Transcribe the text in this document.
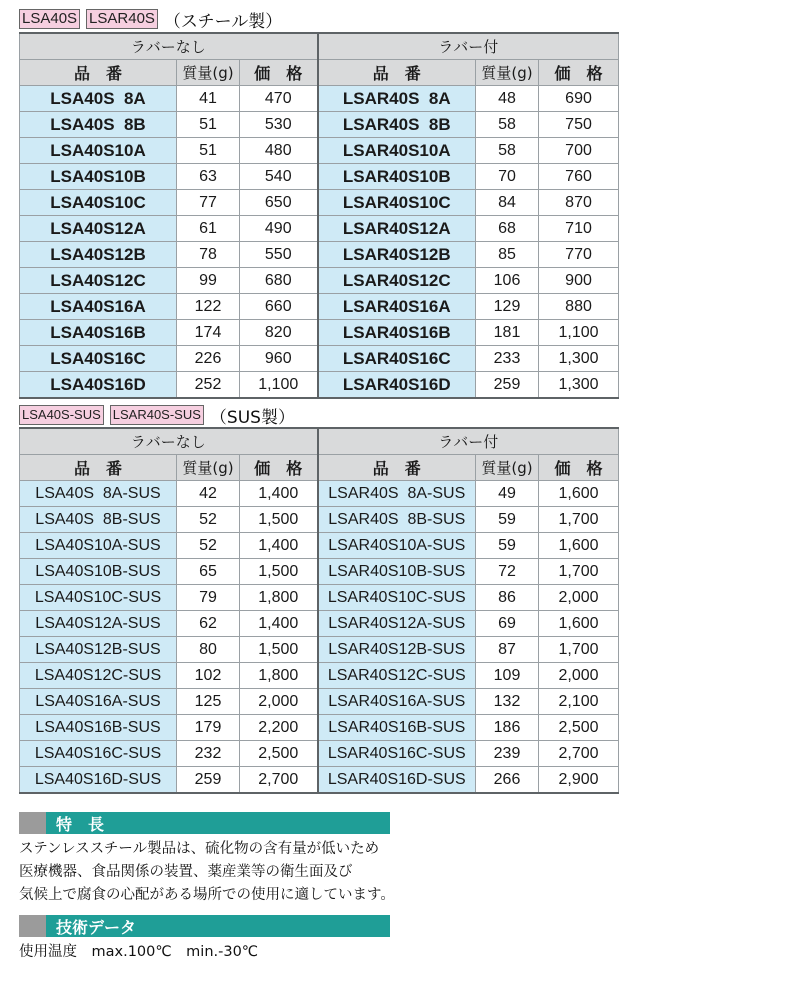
LSA40S LSAR40S （スチール製）
ラバーなし			ラバー付		
品　番	質量(g)	価　格	品　番	質量(g)	価　格
LSA40S  8A	41	470	LSAR40S  8A	48	690
LSA40S  8B	51	530	LSAR40S  8B	58	750
LSA40S10A	51	480	LSAR40S10A	58	700
LSA40S10B	63	540	LSAR40S10B	70	760
LSA40S10C	77	650	LSAR40S10C	84	870
LSA40S12A	61	490	LSAR40S12A	68	710
LSA40S12B	78	550	LSAR40S12B	85	770
LSA40S12C	99	680	LSAR40S12C	106	900
LSA40S16A	122	660	LSAR40S16A	129	880
LSA40S16B	174	820	LSAR40S16B	181	1,100
LSA40S16C	226	960	LSAR40S16C	233	1,300
LSA40S16D	252	1,100	LSAR40S16D	259	1,300
LSA40S-SUS LSAR40S-SUS （SUS製）
ラバーなし			ラバー付		
品　番	質量(g)	価　格	品　番	質量(g)	価　格
LSA40S  8A-SUS	42	1,400	LSAR40S  8A-SUS	49	1,600
LSA40S  8B-SUS	52	1,500	LSAR40S  8B-SUS	59	1,700
LSA40S10A-SUS	52	1,400	LSAR40S10A-SUS	59	1,600
LSA40S10B-SUS	65	1,500	LSAR40S10B-SUS	72	1,700
LSA40S10C-SUS	79	1,800	LSAR40S10C-SUS	86	2,000
LSA40S12A-SUS	62	1,400	LSAR40S12A-SUS	69	1,600
LSA40S12B-SUS	80	1,500	LSAR40S12B-SUS	87	1,700
LSA40S12C-SUS	102	1,800	LSAR40S12C-SUS	109	2,000
LSA40S16A-SUS	125	2,000	LSAR40S16A-SUS	132	2,100
LSA40S16B-SUS	179	2,200	LSAR40S16B-SUS	186	2,500
LSA40S16C-SUS	232	2,500	LSAR40S16C-SUS	239	2,700
LSA40S16D-SUS	259	2,700	LSAR40S16D-SUS	266	2,900
特　長
ステンレススチール製品は、硫化物の含有量が低いため
医療機器、食品関係の装置、薬産業等の衛生面及び
気候上で腐食の心配がある場所での使用に適しています。
技術データ
使用温度　max.100℃　min.-30℃
